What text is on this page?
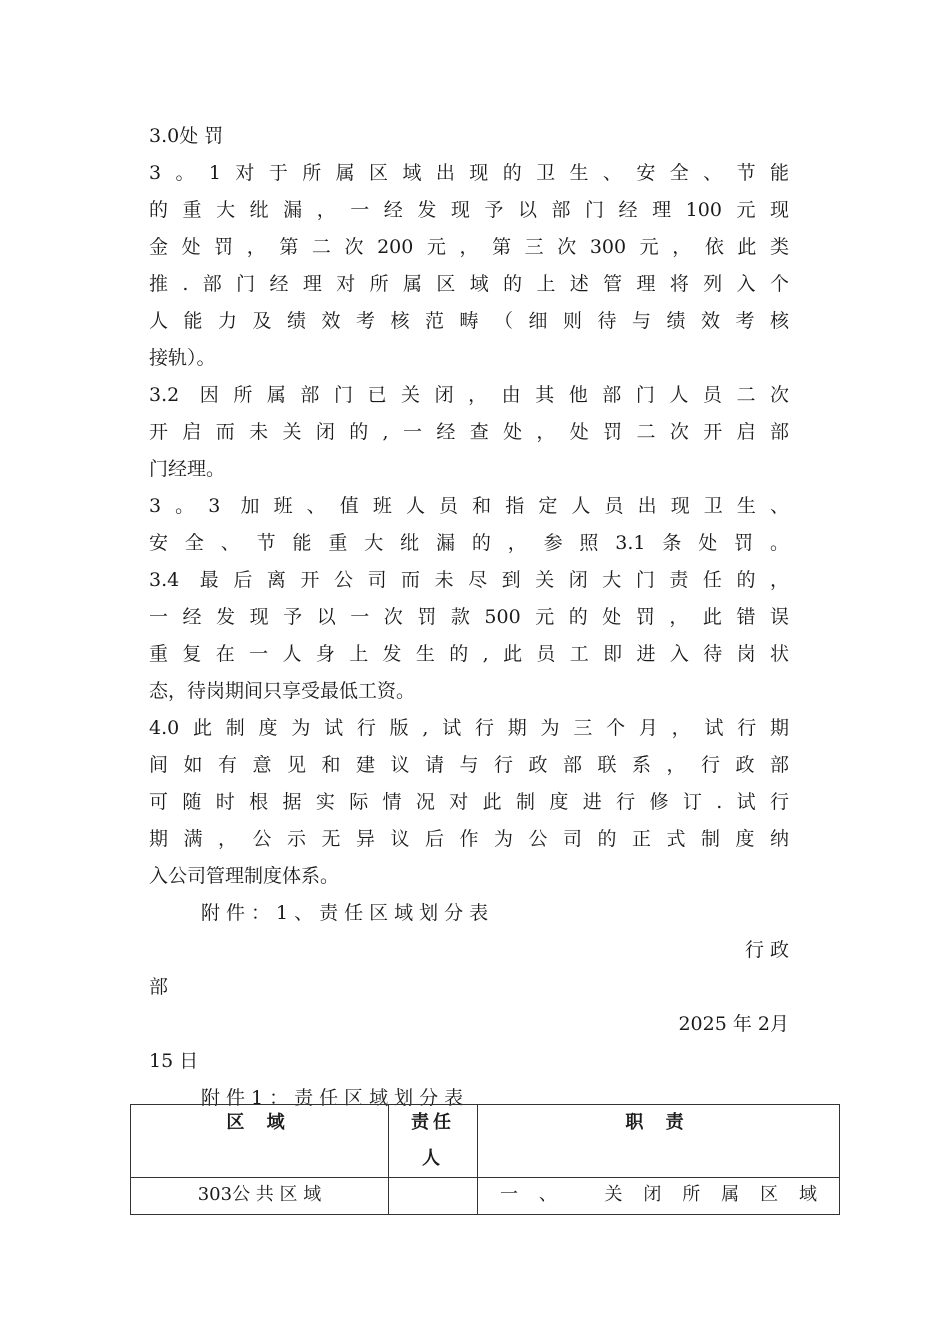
3.0处 罚
3。1对于所属区域出现的卫生、安全、节能
的重大纰漏，一经发现予以部门经理100元现
金处罚，第二次200元，第三次300元，依此类
推.部门经理对所属区域的上述管理将列入个
人能力及绩效考核范畴（细则待与绩效考核
接轨）。
3.2 因所属部门已关闭，由其他部门人员二次
开启而未关闭的,一经查处，处罚二次开启部
门经理。
3。3 加班、值班人员和指定人员出现卫生、
安全、节能重大纰漏的，参照3.1条处罚。
3.4 最后离开公司而未尽到关闭大门责任的，
一经发现予以一次罚款500元的处罚，此错误
重复在一人身上发生的,此员工即进入待岗状
态，待岗期间只享受最低工资。
4.0此制度为试行版,试行期为三个月，试行期
间如有意见和建议请与行政部联系，行政部
可随时根据实际情况对此制度进行修订.试行
期满，公示无异议后作为公司的正式制度纳
入公司管理制度体系。
附件：1、责任区域划分表
行 政
部
2025 年 2月
15 日
附件1：责任区域划分表
区 域	责任人	职 责
303公 共 区 域		一、 关闭所属区域
